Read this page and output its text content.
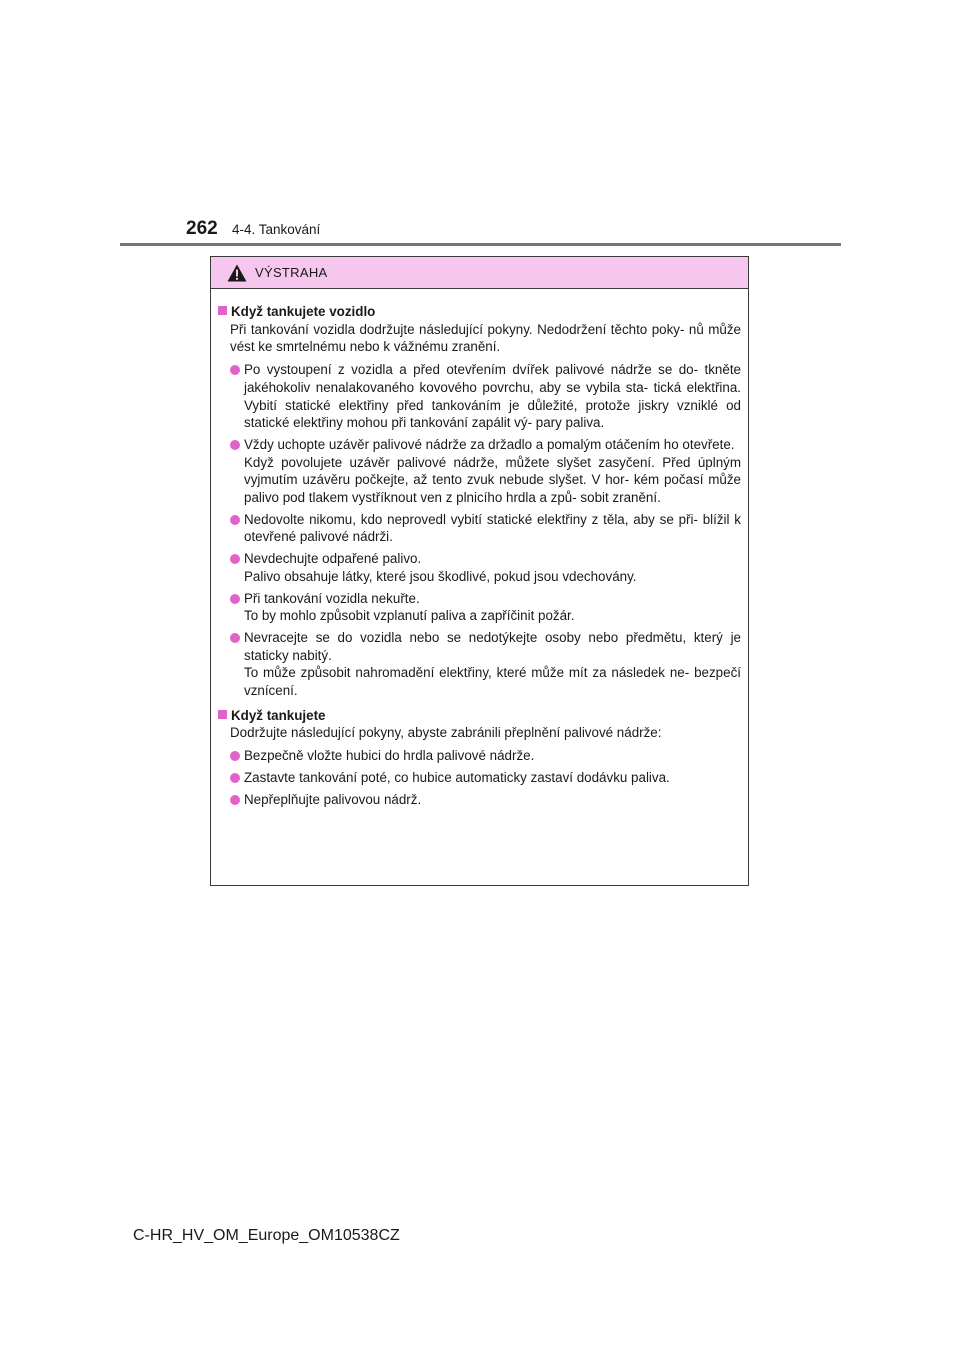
262 4-4. Tankování
VÝSTRAHA
Když tankujete vozidlo
Při tankování vozidla dodržujte následující pokyny. Nedodržení těchto poky- nů může vést ke smrtelnému nebo k vážnému zranění.

Po vystoupení z vozidla a před otevřením dvířek palivové nádrže se do- tkněte jakéhokoliv nenalakovaného kovového povrchu, aby se vybila sta- tická elektřina. Vybití statické elektřiny před tankováním je důležité, protože jiskry vzniklé od statické elektřiny mohou při tankování zapálit vý- pary paliva.

Vždy uchopte uzávěr palivové nádrže za držadlo a pomalým otáčením ho otevřete.

Když povolujete uzávěr palivové nádrže, můžete slyšet zasyčení. Před úplným vyjmutím uzávěru počkejte, až tento zvuk nebude slyšet. V hor- kém počasí může palivo pod tlakem vystříknout ven z plnicího hrdla a způ- sobit zranění.

Nedovolte nikomu, kdo neprovedl vybití statické elektřiny z těla, aby se při- blížil k otevřené palivové nádrži.

Nevdechujte odpařené palivo.

Palivo obsahuje látky, které jsou škodlivé, pokud jsou vdechovány.

Při tankování vozidla nekuřte.

To by mohlo způsobit vzplanutí paliva a zapříčinit požár.

Nevracejte se do vozidla nebo se nedotýkejte osoby nebo předmětu, který je staticky nabitý.

To může způsobit nahromadění elektřiny, které může mít za následek ne- bezpečí vznícení.

Když tankujete
Dodržujte následující pokyny, abyste zabránili přeplnění palivové nádrže:

Bezpečně vložte hubici do hrdla palivové nádrže.

Zastavte tankování poté, co hubice automaticky zastaví dodávku paliva.

Nepřeplňujte palivovou nádrž.

C-HR_HV_OM_Europe_OM10538CZ
